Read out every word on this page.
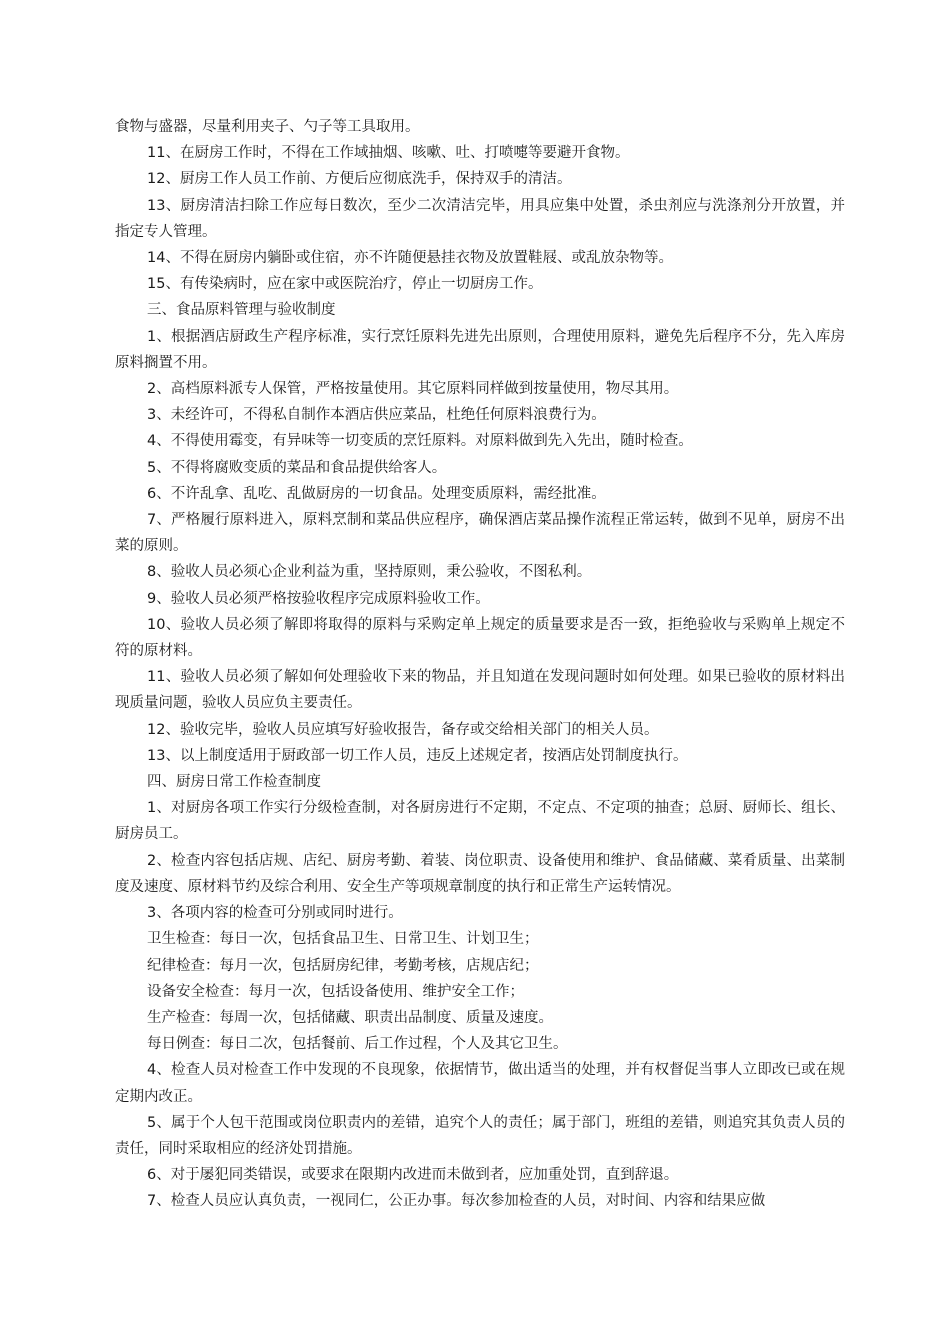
食物与盛器，尽量利用夹子、勺子等工具取用。

11、在厨房工作时，不得在工作域抽烟、咳嗽、吐、打喷嚏等要避开食物。

12、厨房工作人员工作前、方便后应彻底洗手，保持双手的清洁。

13、厨房清洁扫除工作应每日数次，至少二次清洁完毕，用具应集中处置，杀虫剂应与洗涤剂分开放置，并指定专人管理。

14、不得在厨房内躺卧或住宿，亦不许随便悬挂衣物及放置鞋屐、或乱放杂物等。

15、有传染病时，应在家中或医院治疗，停止一切厨房工作。

三、食品原料管理与验收制度

1、根据酒店厨政生产程序标准，实行烹饪原料先进先出原则，合理使用原料，避免先后程序不分，先入库房原料搁置不用。

2、高档原料派专人保管，严格按量使用。其它原料同样做到按量使用，物尽其用。

3、未经许可，不得私自制作本酒店供应菜品，杜绝任何原料浪费行为。

4、不得使用霉变，有异味等一切变质的烹饪原料。对原料做到先入先出，随时检查。

5、不得将腐败变质的菜品和食品提供给客人。

6、不许乱拿、乱吃、乱做厨房的一切食品。处理变质原料，需经批准。

7、严格履行原料进入，原料烹制和菜品供应程序，确保酒店菜品操作流程正常运转，做到不见单，厨房不出菜的原则。

8、验收人员必须心企业利益为重，坚持原则，秉公验收，不图私利。

9、验收人员必须严格按验收程序完成原料验收工作。

10、验收人员必须了解即将取得的原料与采购定单上规定的质量要求是否一致，拒绝验收与采购单上规定不符的原材料。

11、验收人员必须了解如何处理验收下来的物品，并且知道在发现问题时如何处理。如果已验收的原材料出现质量问题，验收人员应负主要责任。

12、验收完毕，验收人员应填写好验收报告，备存或交给相关部门的相关人员。

13、以上制度适用于厨政部一切工作人员，违反上述规定者，按酒店处罚制度执行。

四、厨房日常工作检查制度

1、对厨房各项工作实行分级检查制，对各厨房进行不定期，不定点、不定项的抽查；总厨、厨师长、组长、厨房员工。

2、检查内容包括店规、店纪、厨房考勤、着装、岗位职责、设备使用和维护、食品储藏、菜肴质量、出菜制度及速度、原材料节约及综合利用、安全生产等项规章制度的执行和正常生产运转情况。

3、各项内容的检查可分别或同时进行。

卫生检查：每日一次，包括食品卫生、日常卫生、计划卫生；

纪律检查：每月一次，包括厨房纪律，考勤考核，店规店纪；

设备安全检查：每月一次，包括设备使用、维护安全工作；

生产检查：每周一次，包括储藏、职责出品制度、质量及速度。

每日例查：每日二次，包括餐前、后工作过程，个人及其它卫生。

4、检查人员对检查工作中发现的不良现象，依据情节，做出适当的处理，并有权督促当事人立即改已或在规定期内改正。

5、属于个人包干范围或岗位职责内的差错，追究个人的责任；属于部门，班组的差错，则追究其负责人员的责任，同时采取相应的经济处罚措施。

6、对于屡犯同类错误，或要求在限期内改进而未做到者，应加重处罚，直到辞退。

7、检查人员应认真负责，一视同仁，公正办事。每次参加检查的人员，对时间、内容和结果应做
